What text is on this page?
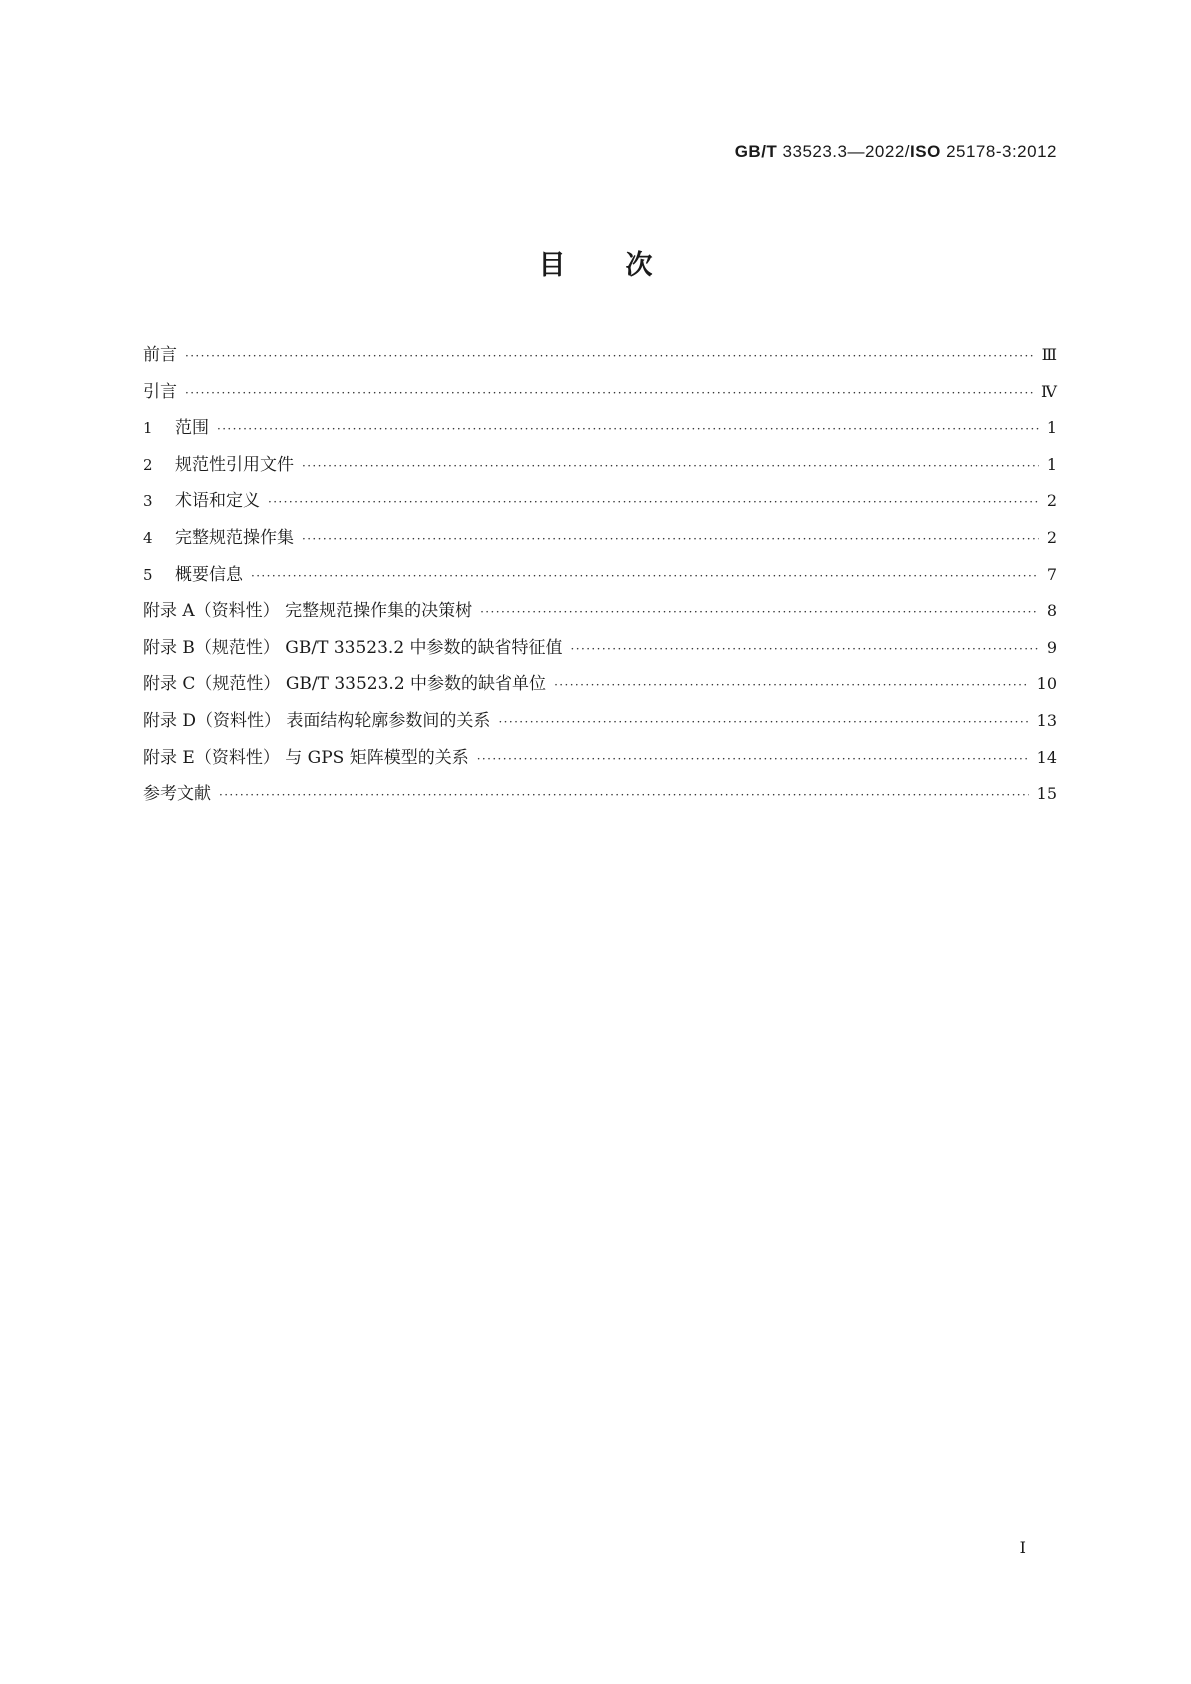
GB/T 33523.3—2022/ISO 25178-3:2012
目次
前言 ·····	Ⅲ
引言 ·····	Ⅳ
1 范围 ·····	1
2 规范性引用文件 ·····	1
3 术语和定义 ·····	2
4 完整规范操作集 ·····	2
5 概要信息 ·····	7
附录 A（资料性） 完整规范操作集的决策树 ·····	8
附录 B（规范性） GB/T 33523.2 中参数的缺省特征值 ·····	9
附录 C（规范性） GB/T 33523.2 中参数的缺省单位 ·····	10
附录 D（资料性） 表面结构轮廓参数间的关系 ·····	13
附录 E（资料性） 与 GPS 矩阵模型的关系 ·····	14
参考文献 ·····	15
I
